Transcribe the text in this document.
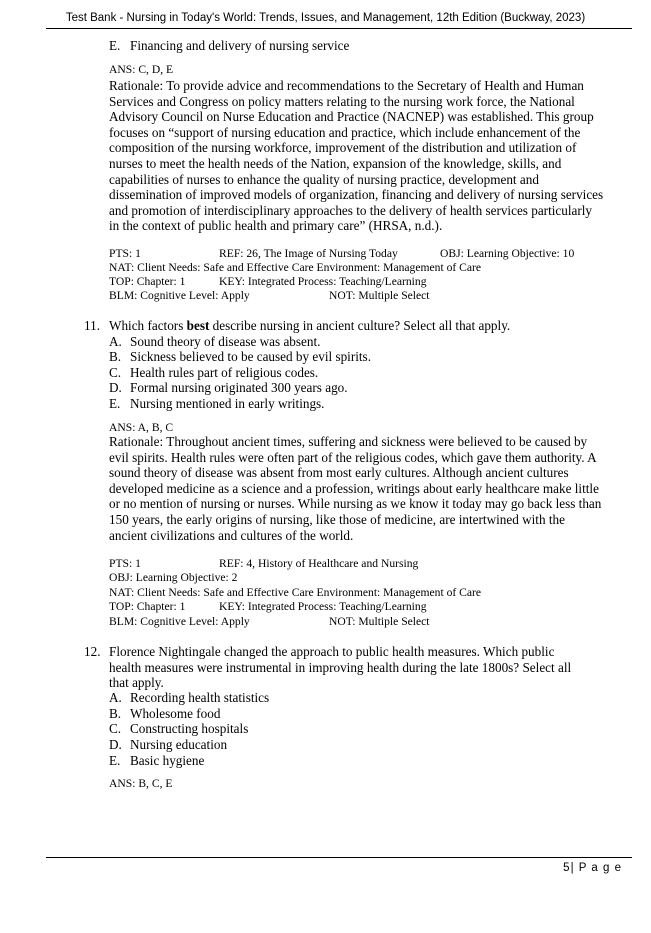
Test Bank - Nursing in Today's World: Trends, Issues, and Management, 12th Edition (Buckway, 2023)
E. Financing and delivery of nursing service
ANS: C, D, E
Rationale: To provide advice and recommendations to the Secretary of Health and Human Services and Congress on policy matters relating to the nursing work force, the National Advisory Council on Nurse Education and Practice (NACNEP) was established. This group focuses on “support of nursing education and practice, which include enhancement of the composition of the nursing workforce, improvement of the distribution and utilization of nurses to meet the health needs of the Nation, expansion of the knowledge, skills, and capabilities of nurses to enhance the quality of nursing practice, development and dissemination of improved models of organization, financing and delivery of nursing services and promotion of interdisciplinary approaches to the delivery of health services particularly in the context of public health and primary care” (HRSA, n.d.).
PTS: 1	REF: 26, The Image of Nursing Today	OBJ: Learning Objective: 10
NAT: Client Needs: Safe and Effective Care Environment: Management of Care
TOP: Chapter: 1	KEY: Integrated Process: Teaching/Learning
BLM: Cognitive Level: Apply	NOT: Multiple Select
11. Which factors best describe nursing in ancient culture? Select all that apply.
A. Sound theory of disease was absent.
B. Sickness believed to be caused by evil spirits.
C. Health rules part of religious codes.
D. Formal nursing originated 300 years ago.
E. Nursing mentioned in early writings.
ANS: A, B, C
Rationale: Throughout ancient times, suffering and sickness were believed to be caused by evil spirits. Health rules were often part of the religious codes, which gave them authority. A sound theory of disease was absent from most early cultures. Although ancient cultures developed medicine as a science and a profession, writings about early healthcare make little or no mention of nursing or nurses. While nursing as we know it today may go back less than 150 years, the early origins of nursing, like those of medicine, are intertwined with the ancient civilizations and cultures of the world.
PTS: 1	REF: 4, History of Healthcare and Nursing
OBJ: Learning Objective: 2
NAT: Client Needs: Safe and Effective Care Environment: Management of Care
TOP: Chapter: 1	KEY: Integrated Process: Teaching/Learning
BLM: Cognitive Level: Apply	NOT: Multiple Select
12. Florence Nightingale changed the approach to public health measures. Which public health measures were instrumental in improving health during the late 1800s? Select all that apply.
A. Recording health statistics
B. Wholesome food
C. Constructing hospitals
D. Nursing education
E. Basic hygiene
ANS: B, C, E
5| P a g e
